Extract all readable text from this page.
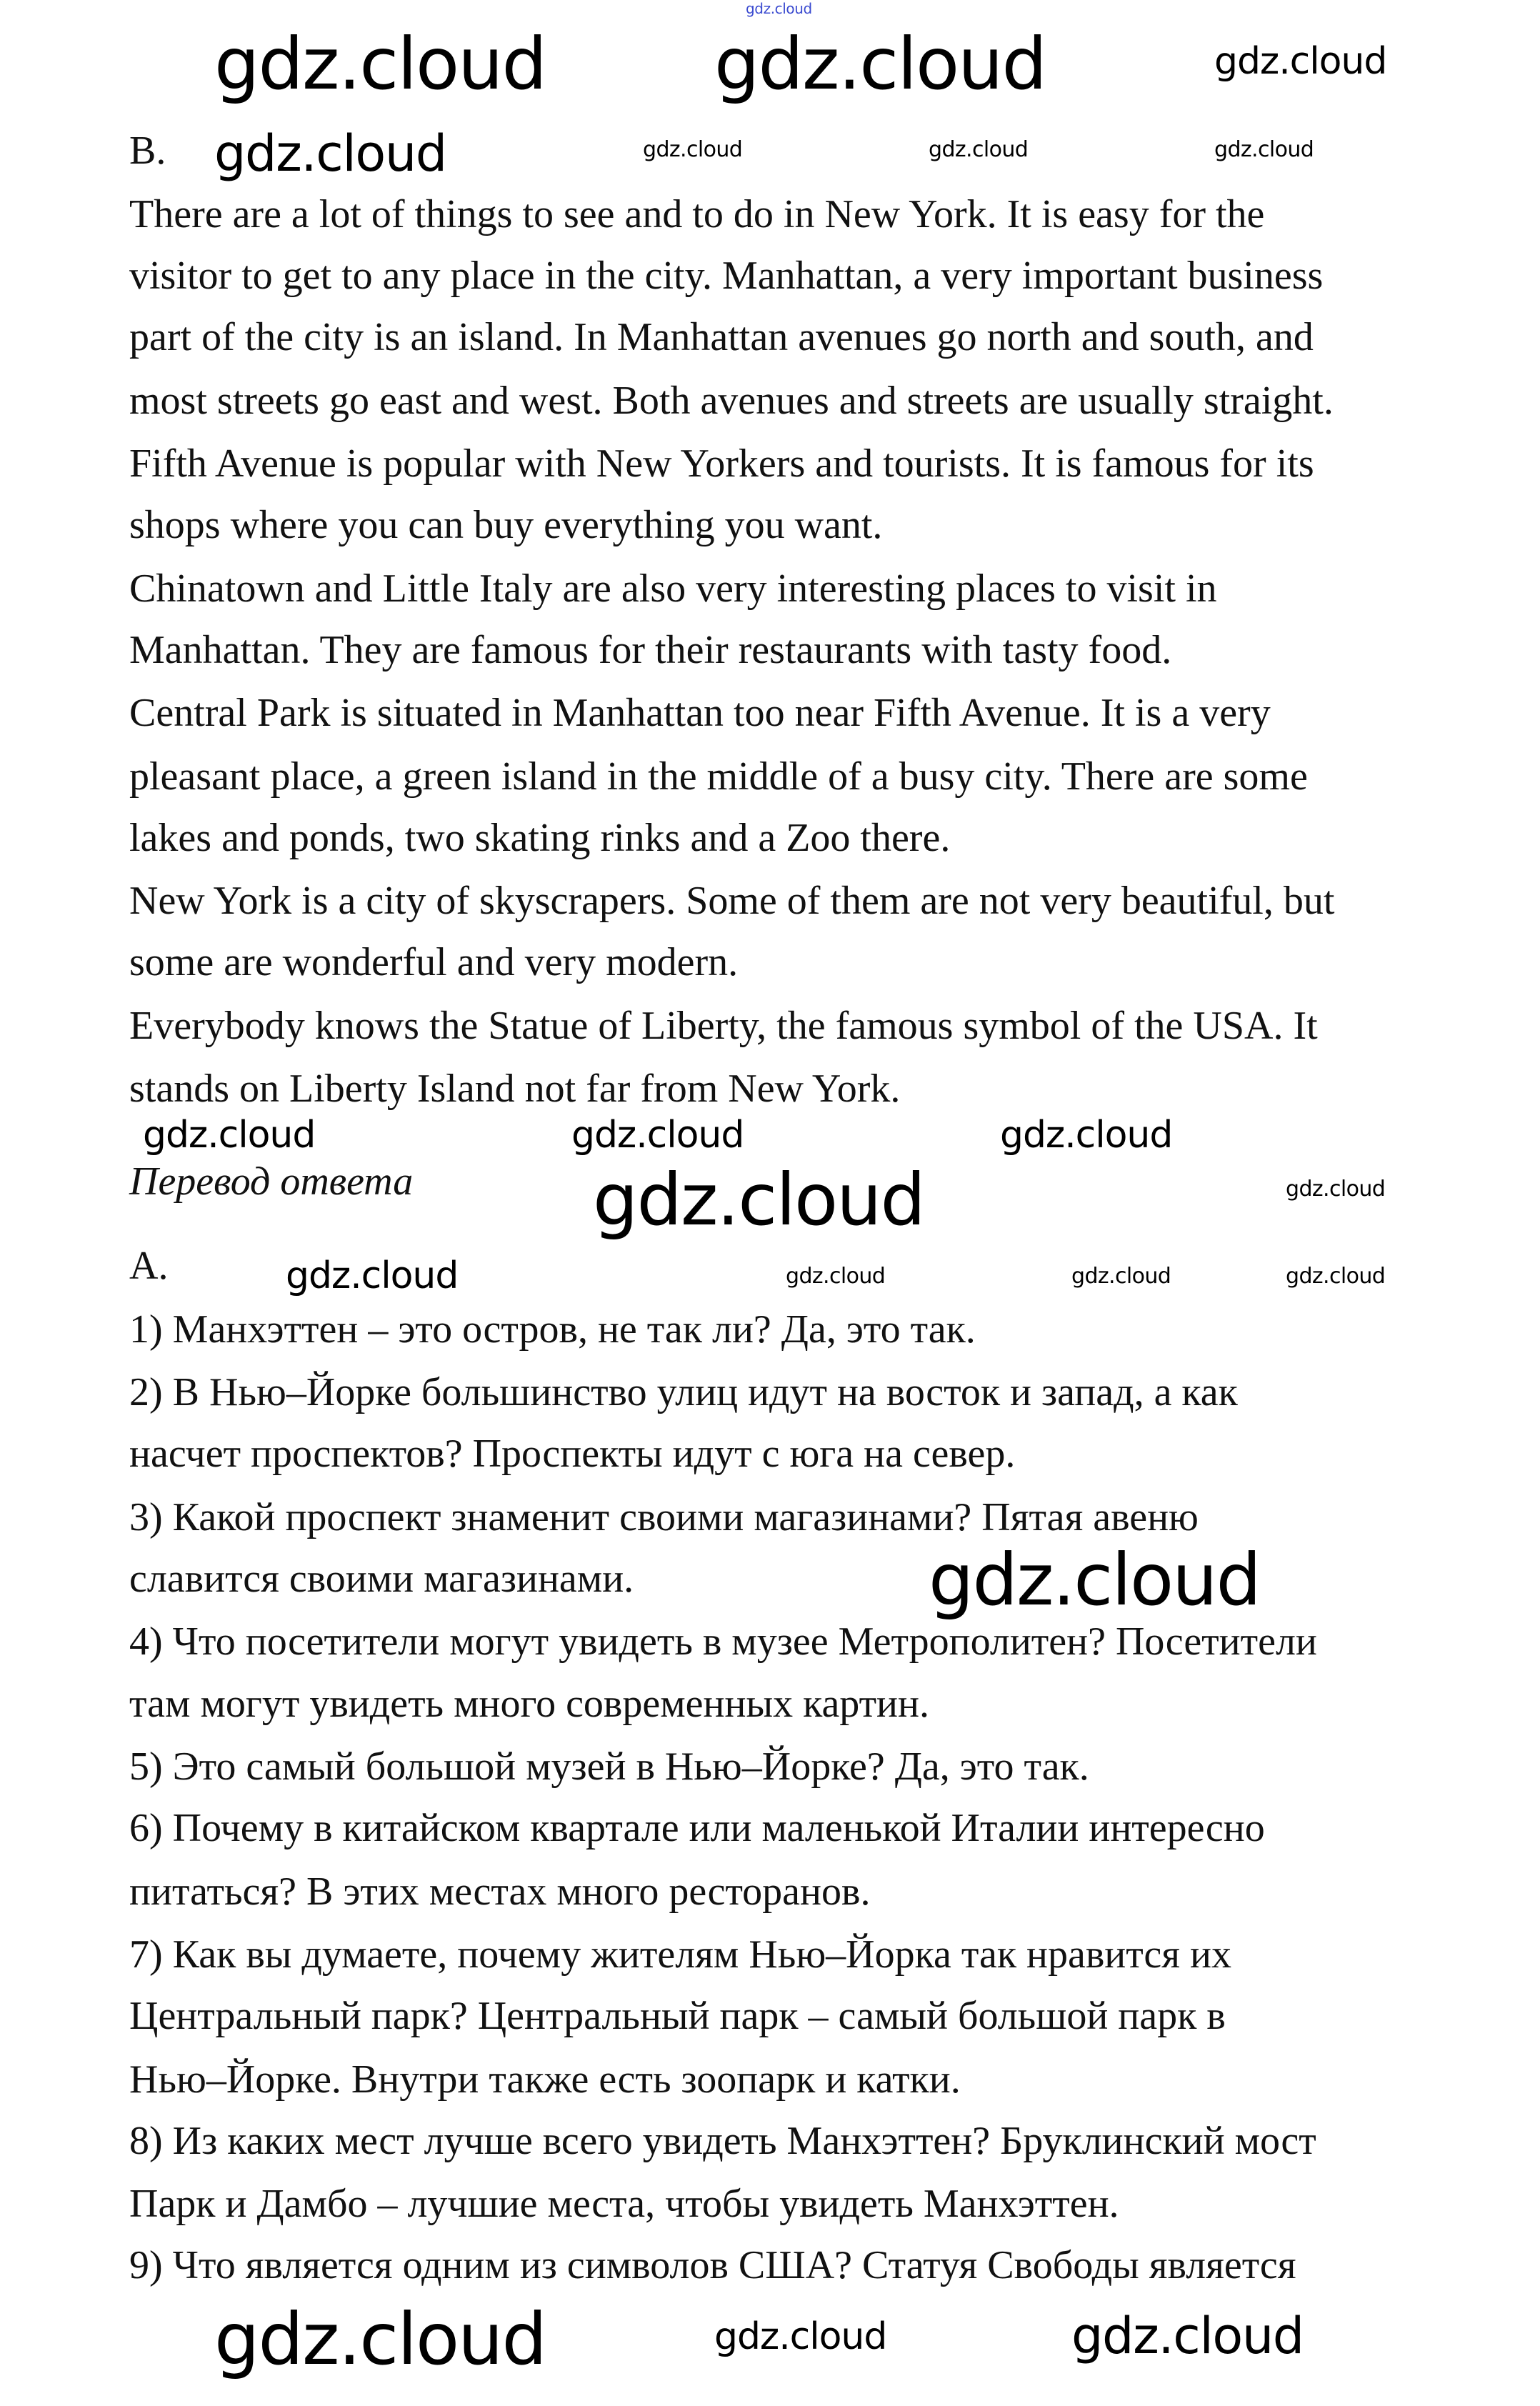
gdz.cloud
B.
There are a lot of things to see and to do in New York. It is easy for the
visitor to get to any place in the city. Manhattan, a very important business
part of the city is an island. In Manhattan avenues go north and south, and
most streets go east and west. Both avenues and streets are usually straight.
Fifth Avenue is popular with New Yorkers and tourists. It is famous for its
shops where you can buy everything you want.
Chinatown and Little Italy are also very interesting places to visit in
Manhattan. They are famous for their restaurants with tasty food.
Central Park is situated in Manhattan too near Fifth Avenue. It is a very
pleasant place, a green island in the middle of a busy city. There are some
lakes and ponds, two skating rinks and a Zoo there.
New York is a city of skyscrapers. Some of them are not very beautiful, but
some are wonderful and very modern.
Everybody knows the Statue of Liberty, the famous symbol of the USA. It
stands on Liberty Island not far from New York.
Перевод ответа
A.
1) Манхэттен – это остров, не так ли? Да, это так.
2) В Нью–Йорке большинство улиц идут на восток и запад, а как
насчет проспектов? Проспекты идут с юга на север.
3) Какой проспект знаменит своими магазинами? Пятая авеню
славится своими магазинами.
4) Что посетители могут увидеть в музее Метрополитен? Посетители
там могут увидеть много современных картин.
5) Это самый большой музей в Нью–Йорке? Да, это так.
6) Почему в китайском квартале или маленькой Италии интересно
питаться? В этих местах много ресторанов.
7) Как вы думаете, почему жителям Нью–Йорка так нравится их
Центральный парк? Центральный парк – самый большой парк в
Нью–Йорке. Внутри также есть зоопарк и катки.
8) Из каких мест лучше всего увидеть Манхэттен? Бруклинский мост
Парк и Дамбо – лучшие места, чтобы увидеть Манхэттен.
9) Что является одним из символов США? Статуя Свободы является
gdz.cloud gdz.cloud	gdz.cloud
gdz.cloud	gdz.cloud	gdz.cloud	gdz.cloud
gdz.cloud	gdz.cloud	gdz.cloud
gdz.cloud	gdz.cloud
gdz.cloud	gdz.cloud	gdz.cloud	gdz.cloud
gdz.cloud
gdz.cloud	gdz.cloud	gdz.cloud
